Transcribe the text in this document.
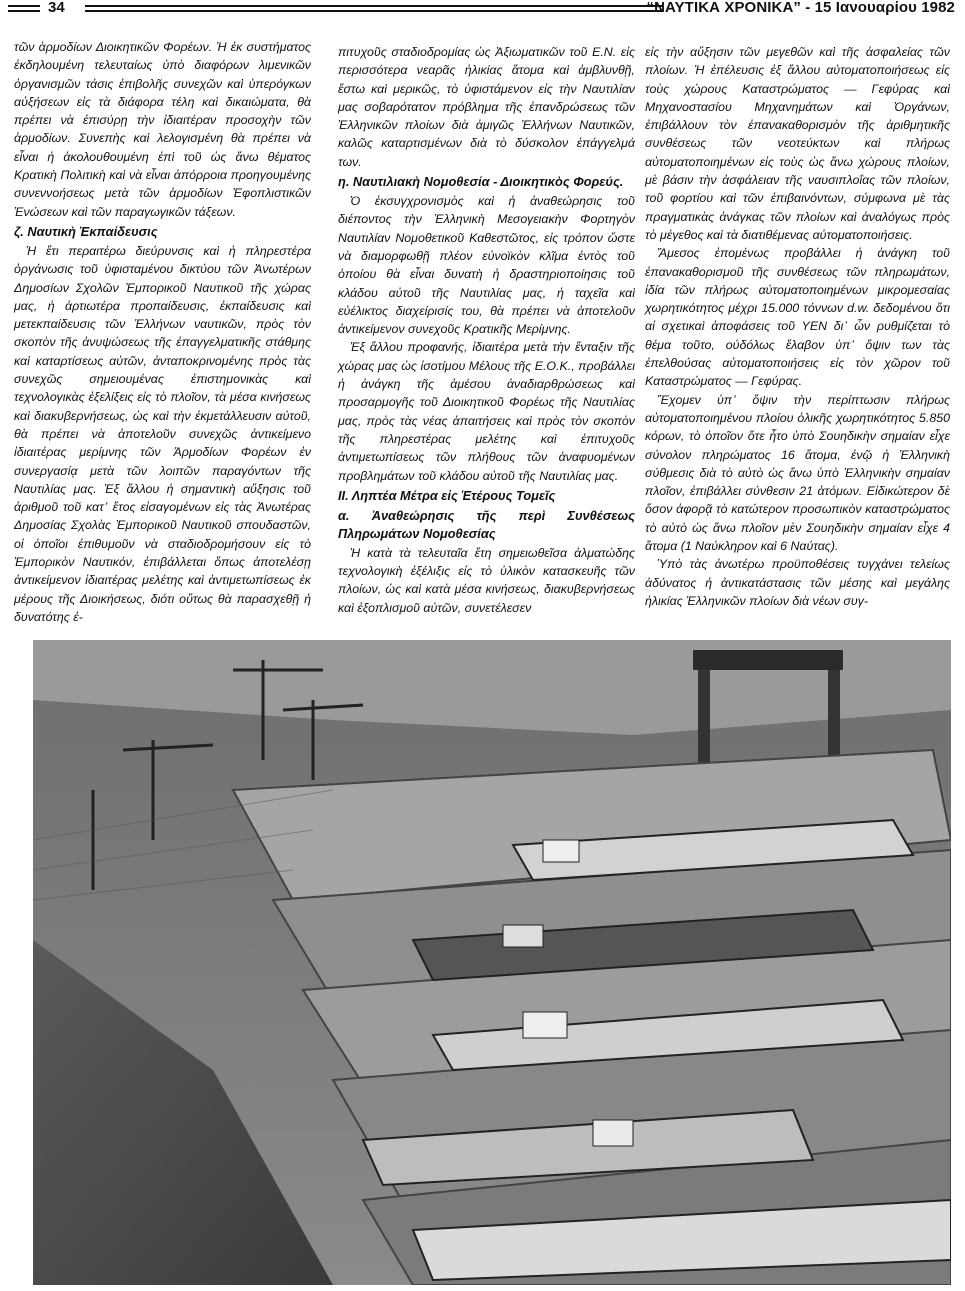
34	“ΝΑΥΤΙΚΑ ΧΡΟΝΙΚΑ” - 15 Ιανουαρίου 1982

τῶν ἁρμοδίων Διοικητικῶν Φορέων. Ἡ ἐκ συστήματος ἐκδηλουμένη τελευταίως ὑπὸ διαφόρων λιμενικῶν ὀργανισμῶν τάσις ἐπιβολῆς συνεχῶν καὶ ὑπερόγκων αὐξήσεων εἰς τὰ διάφορα τέλη καὶ δικαιώματα, θὰ πρέπει νὰ ἐπισύρῃ τὴν ἰδιαιτέραν προσοχὴν τῶν ἁρμοδίων. Συνεπὴς καὶ λελογισμένη θὰ πρέπει νὰ εἶναι ἡ ἀκολουθουμένη ἐπὶ τοῦ ὡς ἄνω θέματος Κρατικὴ Πολιτικὴ καὶ νὰ εἶναι ἀπόρροια προηγουμένης συνεννοήσεως μετὰ τῶν ἁρμοδίων Ἐφοπλιστικῶν Ἑνώσεων καὶ τῶν παραγωγικῶν τάξεων.

ζ. Ναυτικὴ Ἐκπαίδευσις

Ἡ ἔτι περαιτέρω διεύρυνσις καὶ ἡ πληρεστέρα ὀργάνωσις τοῦ ὑφισταμένου δικτύου τῶν Ἀνωτέρων Δημοσίων Σχολῶν Ἐμπορικοῦ Ναυτικοῦ τῆς χώρας μας, ἡ ἀρτιωτέρα προπαίδευσις, ἐκπαίδευσις καὶ μετεκπαίδευσις τῶν Ἑλλήνων ναυτικῶν, πρὸς τὸν σκοπὸν τῆς ἀνυψώσεως τῆς ἐπαγγελματικῆς στάθμης καὶ καταρτίσεως αὐτῶν, ἀνταποκρινομένης πρὸς τὰς συνεχῶς σημειουμένας ἐπιστημονικὰς καὶ τεχνολογικὰς ἐξελίξεις εἰς τὸ πλοῖον, τὰ μέσα κινήσεως καὶ διακυβερνήσεως, ὡς καὶ τὴν ἐκμετάλλευσιν αὐτοῦ, θὰ πρέπει νὰ ἀποτελοῦν συνεχῶς ἀντικείμενο ἰδιαιτέρας μερίμνης τῶν Ἁρμοδίων Φορέων ἐν συνεργασίᾳ μετὰ τῶν λοιπῶν παραγόντων τῆς Ναυτιλίας μας. Ἐξ ἄλλου ἡ σημαντικὴ αὔξησις τοῦ ἀριθμοῦ τοῦ κατ᾽ ἔτος εἰσαγομένων εἰς τὰς Ἀνωτέρας Δημοσίας Σχολὰς Ἐμπορικοῦ Ναυτικοῦ σπουδαστῶν, οἱ ὁποῖοι ἐπιθυμοῦν νὰ σταδιοδρομήσουν εἰς τὸ Ἐμπορικὸν Ναυτικόν, ἐπιβάλλεται ὅπως ἀποτελέσῃ ἀντικείμενον ἰδιαιτέρας μελέτης καὶ ἀντιμετωπίσεως ἐκ μέρους τῆς Διοικήσεως, διότι οὕτως θὰ παρασχεθῇ ἡ δυνατότης ἐ-

πιτυχοῦς σταδιοδρομίας ὡς Ἀξιωματικῶν τοῦ Ε.Ν. εἰς περισσότερα νεαρᾶς ἡλικίας ἄτομα καὶ ἀμβλυνθῇ, ἔστω καὶ μερικῶς, τὸ ὑφιστάμενον εἰς τὴν Ναυτιλίαν μας σοβαρότατον πρόβλημα τῆς ἐπανδρώσεως τῶν Ἑλληνικῶν πλοίων διὰ ἀμιγῶς Ἑλλήνων Ναυτικῶν, καλῶς καταρτισμένων διὰ τὸ δύσκολον ἐπάγγελμά των.

η. Ναυτιλιακὴ Νομοθεσία - Διοικητικὸς Φορεύς.

Ὁ ἐκσυγχρονισμὸς καὶ ἡ ἀναθεώρησις τοῦ διέποντος τὴν Ἑλληνικὴ Μεσογειακὴν Φορτηγὸν Ναυτιλίαν Νομοθετικοῦ Καθεστῶτος, εἰς τρόπον ὥστε νὰ διαμορφωθῇ πλέον εὐνοϊκὸν κλῖμα ἐντὸς τοῦ ὁποίου θὰ εἶναι δυνατὴ ἡ δραστηριοποίησις τοῦ κλάδου αὐτοῦ τῆς Ναυτιλίας μας, ἡ ταχεῖα καὶ εὐέλικτος διαχείρισίς του, θὰ πρέπει νὰ ἀποτελοῦν ἀντικείμενον συνεχοῦς Κρατικῆς Μερίμνης.

Ἐξ ἄλλου προφανής, ἰδιαιτέρα μετὰ τὴν ἔνταξιν τῆς χώρας μας ὡς ἰσοτίμου Μέλους τῆς Ε.Ο.Κ., προβάλλει ἡ ἀνάγκη τῆς ἀμέσου ἀναδιαρθρώσεως καὶ προσαρμογῆς τοῦ Διοικητικοῦ Φορέως τῆς Ναυτιλίας μας, πρὸς τὰς νέας ἀπαιτήσεις καὶ πρὸς τὸν σκοπὸν τῆς πληρεστέρας μελέτης καὶ ἐπιτυχοῦς ἀντιμετωπίσεως τῶν πλήθους τῶν ἀναφυομένων προβλημάτων τοῦ κλάδου αὐτοῦ τῆς Ναυτιλίας μας.

ΙΙ. Ληπτέα Μέτρα εἰς Ἑτέρους Τομεῖς
α. Ἀναθεώρησις τῆς περὶ Συνθέσεως Πληρωμάτων Νομοθεσίας

Ἡ κατὰ τὰ τελευταῖα ἔτη σημειωθεῖσα ἀλματώδης τεχνολογικὴ ἐξέλιξις εἰς τὸ ὑλικὸν κατασκευῆς τῶν πλοίων, ὡς καὶ κατὰ μέσα κινήσεως, διακυβερνήσεως καὶ ἐξοπλισμοῦ αὐτῶν, συνετέλεσεν

εἰς τὴν αὔξησιν τῶν μεγεθῶν καὶ τῆς ἀσφαλείας τῶν πλοίων. Ἡ ἐπέλευσις ἐξ ἄλλου αὐτοματοποιήσεως εἰς τοὺς χώρους Καταστρώματος — Γεφύρας καὶ Μηχανοστασίου Μηχανημάτων καὶ Ὀργάνων, ἐπιβάλλουν τὸν ἐπανακαθορισμὸν τῆς ἀριθμητικῆς συνθέσεως τῶν νεοτεύκτων καὶ πλήρως αὐτοματοποιημένων εἰς τοὺς ὡς ἄνω χώρους πλοίων, μὲ βάσιν τὴν ἀσφάλειαν τῆς ναυσιπλοΐας τῶν πλοίων, τοῦ φορτίου καὶ τῶν ἐπιβαινόντων, σύμφωνα μὲ τὰς πραγματικὰς ἀνάγκας τῶν πλοίων καὶ ἀναλόγως πρὸς τὸ μέγεθος καὶ τὰ διατιθέμενας αὐτοματοποιήσεις.

Ἄμεσος ἐπομένως προβάλλει ἡ ἀνάγκη τοῦ ἐπανακαθορισμοῦ τῆς συνθέσεως τῶν πληρωμάτων, ἰδία τῶν πλήρως αὐτοματοποιημένων μικρομεσαίας χωρητικότητος μέχρι 15.000 τόννων d.w. δεδομένου ὅτι αἱ σχετικαὶ ἀποφάσεις τοῦ ΥΕΝ δι᾽ ὧν ρυθμίζεται τὸ θέμα τοῦτο, οὐδόλως ἔλαβον ὑπ᾽ ὄψιν των τὰς ἐπελθούσας αὐτοματοποιήσεις εἰς τὸν χῶρον τοῦ Καταστρώματος — Γεφύρας.

Ἔχομεν ὑπ᾽ ὄψιν τὴν περίπτωσιν πλήρως αὐτοματοποιημένου πλοίου ὁλικῆς χωρητικότητος 5.850 κόρων, τὸ ὁποῖον ὅτε ἦτο ὑπὸ Σουηδικὴν σημαίαν εἶχε σύνολον πληρώματος 16 ἄτομα, ἐνῷ ἡ Ἑλληνικὴ σύθμεσις διὰ τὸ αὐτὸ ὡς ἄνω ὑπὸ Ἑλληνικὴν σημαίαν πλοῖον, ἐπιβάλλει σύνθεσιν 21 ἀτόμων. Εἰδικώτερον δὲ ὅσον ἀφορᾷ τὸ κατώτερον προσωπικὸν καταστρώματος τὸ αὐτὸ ὡς ἄνω πλοῖον μὲν Σουηδικὴν σημαίαν εἶχε 4 ἄτομα (1 Ναύκληρον καὶ 6 Ναύτας).

Ὑπὸ τὰς ἀνωτέρω προϋποθέσεις τυγχάνει τελείως ἀδύνατος ἡ ἀντικατάστασις τῶν μέσης καὶ μεγάλης ἡλικίας Ἑλληνικῶν πλοίων διὰ νέων συγ-
